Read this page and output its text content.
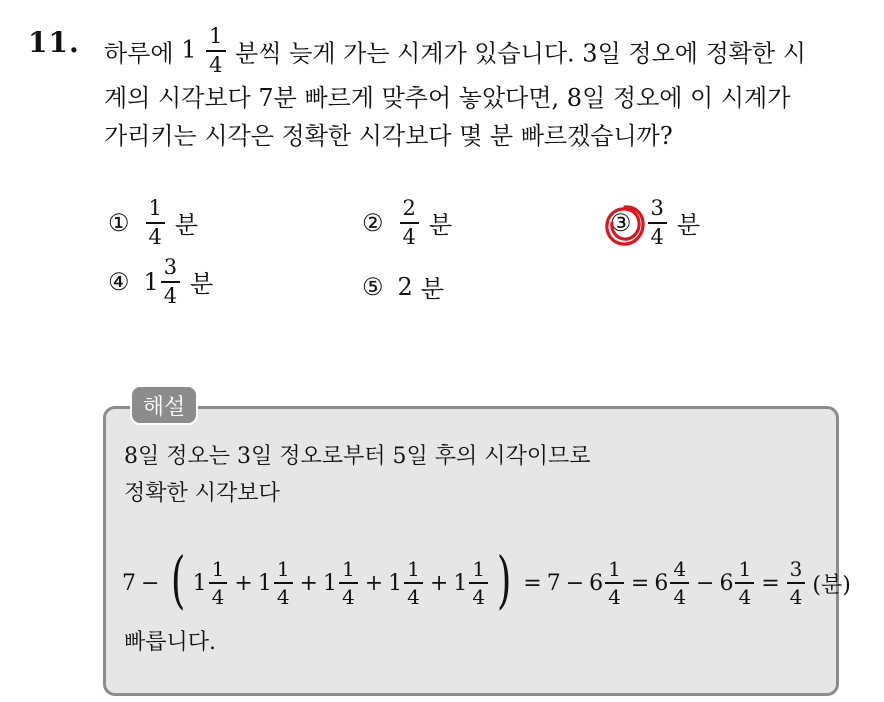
11. 하루에 $1 \frac{1}{4}$ 분씩 늦게 가는 시계가 있습니다. 3일 정오에 정확한 시
계의 시각보다 7분 빠르게 맞추어 놓았다면, 8일 정오에 이 시계가
가리키는 시각은 정확한 시각보다 몇 분 빠르겠습니까?
① $\frac{1}{4}$ 분	② $\frac{2}{4}$ 분	③ $\frac{3}{4}$ 분
④ $1 \frac{3}{4}$ 분	⑤ 2 분
해설
8일 정오는 3일 정오로부터 5일 후의 시각이므로
정확한 시각보다
7 − ( $1 \frac{1}{4} + 1 \frac{1}{4} + 1 \frac{1}{4} + 1 \frac{1}{4} + 1 \frac{1}{4}$ ) = $7 - 6 \frac{1}{4} = 6 \frac{4}{4} - 6 \frac{1}{4} = \frac{3}{4}$ (분)
빠릅니다.
